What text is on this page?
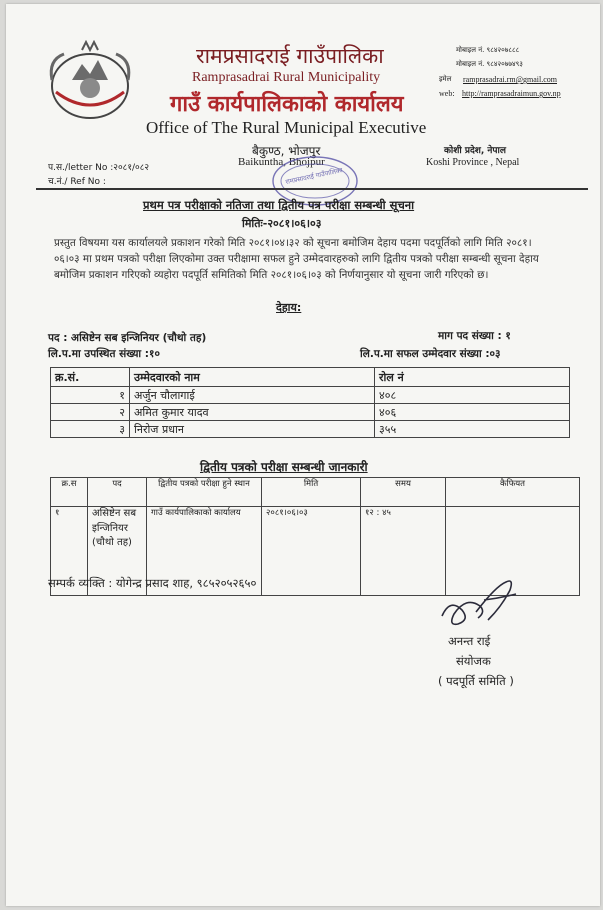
रामप्रसादराई गाउँपालिका
Ramprasadrai Rural Municipality
गाउँ कार्यपालिकाको कार्यालय
Office of The Rural Municipal Executive
मोबाइल नं. ९८४२०७८८८
मोबाइल नं. ९८४२०७७४९३
इमेल ramprasadrai.rm@gmail.com
web: http://ramprasadraimun.gov.np
बैकुण्ठ, भोजपुर
Baikuntha, Bhojpur
कोशी प्रदेश, नेपाल
Koshi Province , Nepal
प.स./letter No :२०८१/०८२
च.नं./ Ref No :	रामप्रसादराई गाउँपालिका
प्रथम पत्र परीक्षाको नतिजा तथा द्वितीय पत्र परीक्षा सम्बन्धी सूचना
मितिः-२०८१।०६।०३
प्रस्तुत विषयमा यस कार्यालयले प्रकाशन गरेको मिति २०८१।०४।३२ को सूचना बमोजिम देहाय पदमा पदपूर्तिको लागि मिति २०८१।०६।०३ मा प्रथम पत्रको परीक्षा लिएकोमा उक्त परीक्षामा सफल हुने उम्मेदवारहरुको लागि द्वितीय पत्रको परीक्षा सम्बन्धी सूचना देहाय बमोजिम प्रकाशन गरिएको व्यहोरा पदपूर्ति समितिको मिति २०८१।०६।०३ को निर्णयानुसार यो सूचना जारी गरिएको छ।
देहाय:
पद : असिष्टेन सब इन्जिनियर (चौथो तह)	माग पद संख्या : १
लि.प.मा उपस्थित संख्या :१०	लि.प.मा सफल उम्मेदवार संख्या :०३
क्र.सं.	उम्मेदवारको नाम	रोल नं
१	अर्जुन चौलागाई	४०८
२	अमित कुमार यादव	४०६
३	निरोज प्रधान	३५५
द्वितीय पत्रको परीक्षा सम्बन्धी जानकारी
क्र.स	पद	द्वितीय पत्रको परीक्षा हुने स्थान	मिति	समय	कैफियत
१	असिष्टेन सब इन्जिनियर (चौथो तह)	गाउँ कार्यपालिकाको कार्यालय	२०८१।०६।०३	१२ : ४५	
सम्पर्क व्यक्ति : योगेन्द्र प्रसाद शाह, ९८५२०५२६५०
अनन्त राई
संयोजक
( पदपूर्ति समिति )
